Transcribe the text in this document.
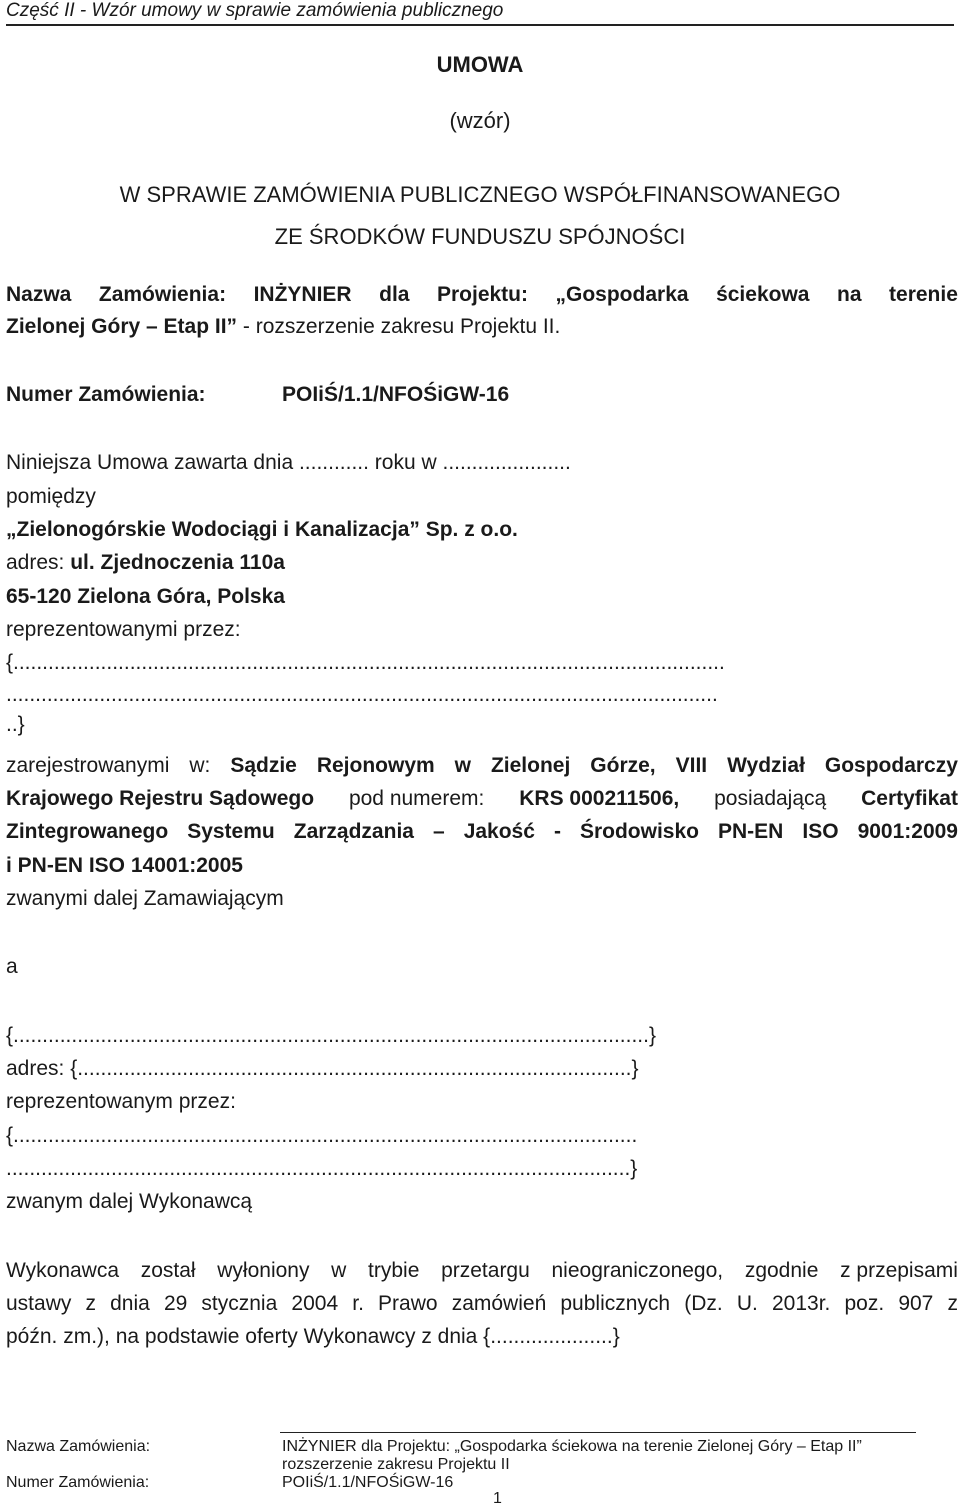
Część II - Wzór umowy w sprawie zamówienia publicznego
UMOWA
(wzór)
W SPRAWIE ZAMÓWIENIA PUBLICZNEGO WSPÓŁFINANSOWANEGO
ZE ŚRODKÓW FUNDUSZU SPÓJNOŚCI
Nazwa Zamówienia: INŻYNIER dla Projektu: „Gospodarka ściekowa na terenie
Zielonej Góry – Etap II” - rozszerzenie zakresu Projektu II.
Numer Zamówienia:	POIiŚ/1.1/NFOŚiGW-16
Niniejsza Umowa zawarta dnia ............ roku w ......................
pomiędzy
„Zielonogórskie Wodociągi i Kanalizacja” Sp. z o.o.
adres: ul. Zjednoczenia 110a
65-120 Zielona Góra, Polska
reprezentowanymi przez:
{..........................................................................................................................
..........................................................................................................................
..}
zarejestrowanymi w: Sądzie Rejonowym w Zielonej Górze, VIII Wydział Gospodarczy
Krajowego Rejestru Sądowego pod numerem: KRS 000211506, posiadającą Certyfikat
Zintegrowanego Systemu Zarządzania – Jakość - Środowisko PN-EN ISO 9001:2009
i PN-EN ISO 14001:2005
zwanymi dalej Zamawiającym
a
{.............................................................................................................}
adres: {...............................................................................................}
reprezentowanym przez:
{...........................................................................................................
...........................................................................................................}
zwanym dalej Wykonawcą
Wykonawca został wyłoniony w trybie przetargu nieograniczonego, zgodnie z przepisami
ustawy z dnia 29 stycznia 2004 r. Prawo zamówień publicznych (Dz. U. 2013r. poz. 907 z
późn. zm.), na podstawie oferty Wykonawcy z dnia {.....................}
Nazwa Zamówienia:	INŻYNIER dla Projektu: „Gospodarka ściekowa na terenie Zielonej Góry – Etap II”
rozszerzenie zakresu Projektu II
Numer Zamówienia:	POIiŚ/1.1/NFOŚiGW-16
1
